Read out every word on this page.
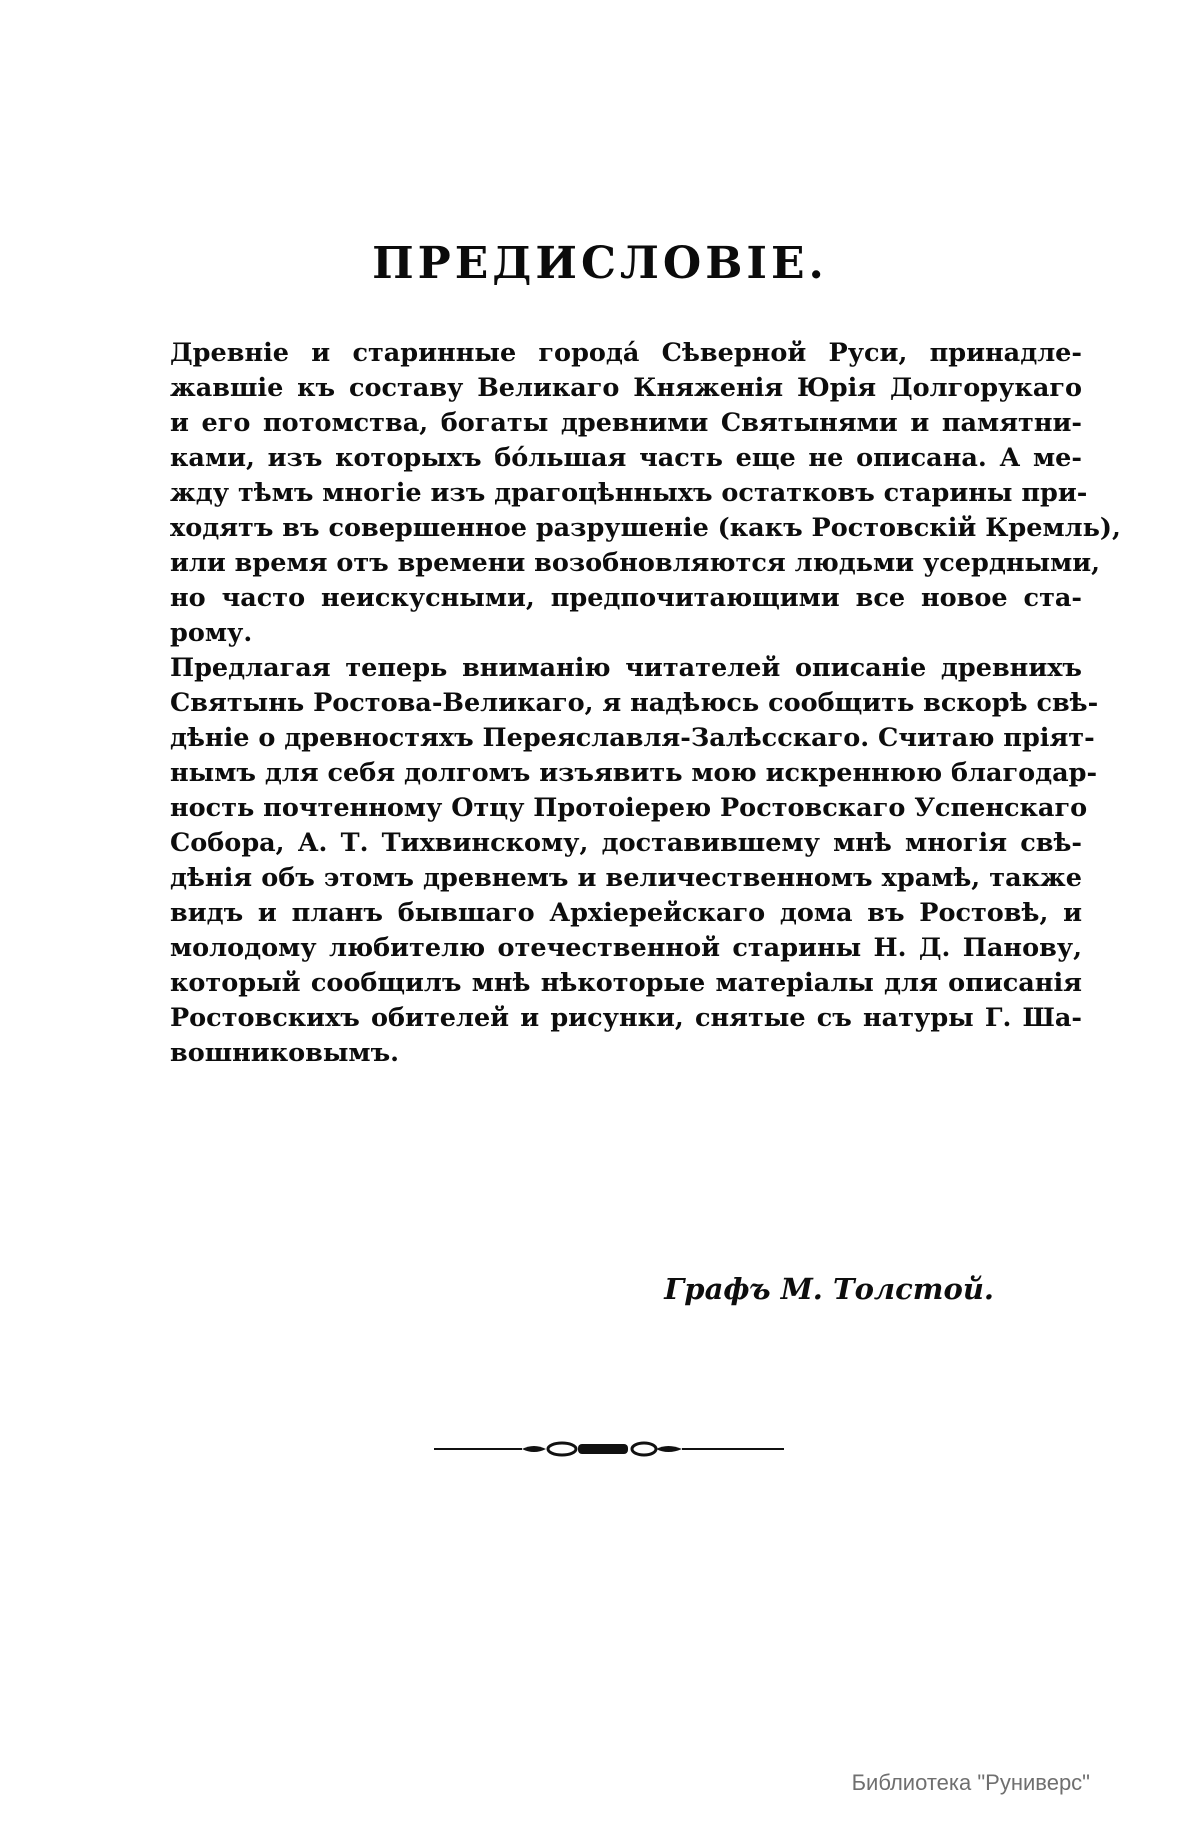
ПРЕДИСЛОВІЕ.

Древніе и старинные города́ Сѣверной Руси, принадле-
жавшіе къ составу Великаго Княженія Юрія Долгорукаго
и его потомства, богаты древними Святынями и памятни-
ками, изъ которыхъ бо́льшая часть еще не описана. А ме-
жду тѣмъ многіе изъ драгоцѣнныхъ остатковъ старины при-
ходятъ въ совершенное разрушеніе (какъ Ростовскій Кремль),
или время отъ времени возобновляются людьми усердными,
но часто неискусными, предпочитающими все новое ста-
рому.

Предлагая теперь вниманію читателей описаніе древнихъ
Святынь Ростова-Великаго, я надѣюсь сообщить вскорѣ свѣ-
дѣніе о древностяхъ Переяславля-Залѣсскаго. Считаю пріят-
нымъ для себя долгомъ изъявить мою искреннюю благодар-
ность почтенному Отцу Протоіерею Ростовскаго Успенскаго
Собора, А. Т. Тихвинскому, доставившему мнѣ многія свѣ-
дѣнія объ этомъ древнемъ и величественномъ храмѣ, также
видъ и планъ бывшаго Архіерейскаго дома въ Ростовѣ, и
молодому любителю отечественной старины Н. Д. Панову,
который сообщилъ мнѣ нѣкоторые матеріалы для описанія
Ростовскихъ обителей и рисунки, снятые съ натуры Г. Ша-
вошниковымъ.

Графъ М. Толстой.
Библиотека "Руниверс"
